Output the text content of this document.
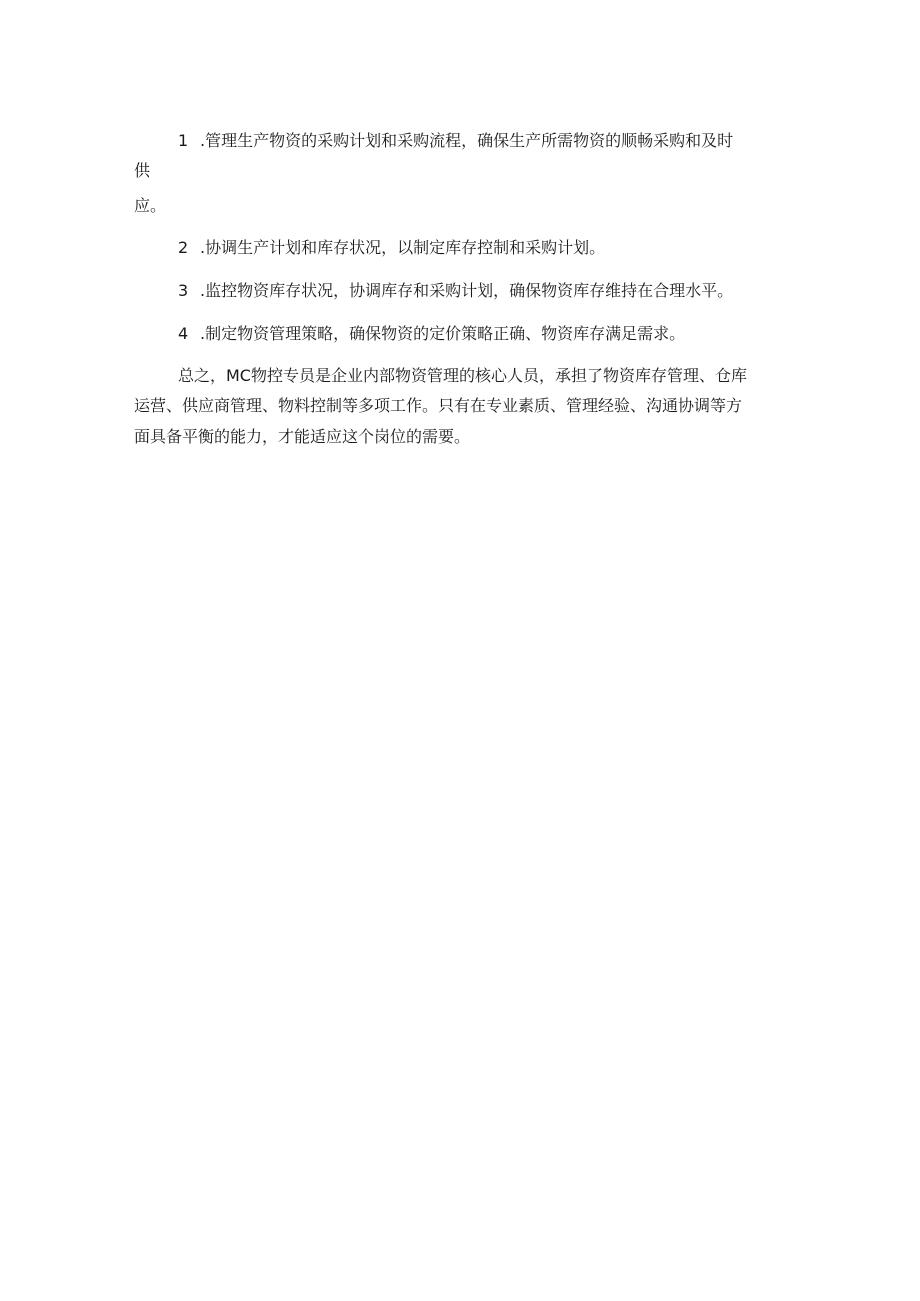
1 .管理生产物资的采购计划和采购流程，确保生产所需物资的顺畅采购和及时
供
应。
2 .协调生产计划和库存状况，以制定库存控制和采购计划。
3 .监控物资库存状况，协调库存和采购计划，确保物资库存维持在合理水平。
4 .制定物资管理策略，确保物资的定价策略正确、物资库存满足需求。
总之，MC物控专员是企业内部物资管理的核心人员，承担了物资库存管理、仓库
运营、供应商管理、物料控制等多项工作。只有在专业素质、管理经验、沟通协调等方
面具备平衡的能力，才能适应这个岗位的需要。
